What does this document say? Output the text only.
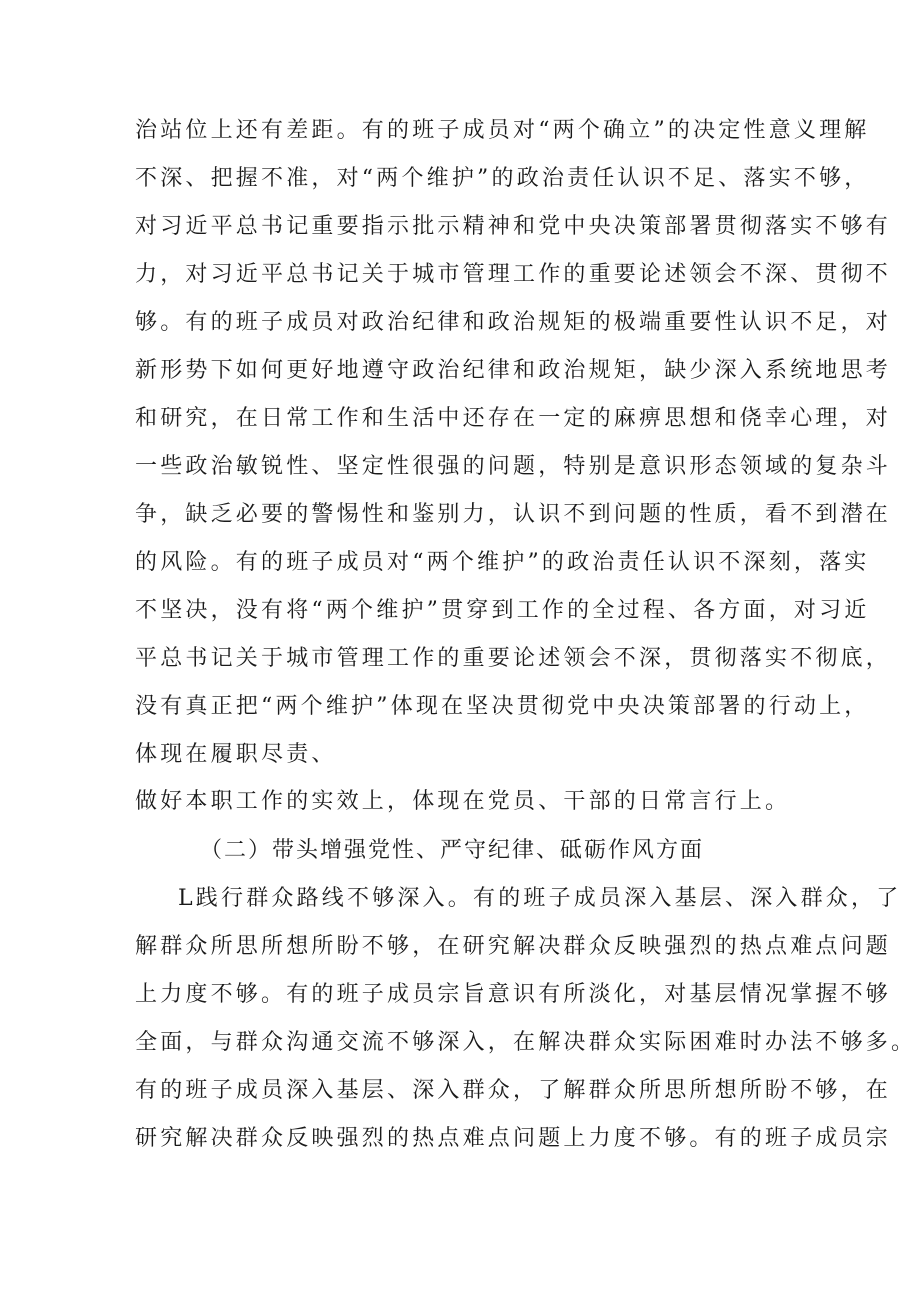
治站位上还有差距。有的班子成员对“两个确立”的决定性意义理解
不深、把握不准，对“两个维护”的政治责任认识不足、落实不够，
对习近平总书记重要指示批示精神和党中央决策部署贯彻落实不够有
力，对习近平总书记关于城市管理工作的重要论述领会不深、贯彻不
够。有的班子成员对政治纪律和政治规矩的极端重要性认识不足，对
新形势下如何更好地遵守政治纪律和政治规矩，缺少深入系统地思考
和研究，在日常工作和生活中还存在一定的麻痹思想和侥幸心理，对
一些政治敏锐性、坚定性很强的问题，特别是意识形态领域的复杂斗
争，缺乏必要的警惕性和鉴别力，认识不到问题的性质，看不到潜在
的风险。有的班子成员对“两个维护”的政治责任认识不深刻，落实
不坚决，没有将“两个维护”贯穿到工作的全过程、各方面，对习近
平总书记关于城市管理工作的重要论述领会不深，贯彻落实不彻底，
没有真正把“两个维护”体现在坚决贯彻党中央决策部署的行动上，
体现在履职尽责、
做好本职工作的实效上，体现在党员、干部的日常言行上。
（二）带头增强党性、严守纪律、砥砺作风方面
L践行群众路线不够深入。有的班子成员深入基层、深入群众，了
解群众所思所想所盼不够，在研究解决群众反映强烈的热点难点问题
上力度不够。有的班子成员宗旨意识有所淡化，对基层情况掌握不够
全面，与群众沟通交流不够深入，在解决群众实际困难时办法不够多。
有的班子成员深入基层、深入群众，了解群众所思所想所盼不够，在
研究解决群众反映强烈的热点难点问题上力度不够。有的班子成员宗
